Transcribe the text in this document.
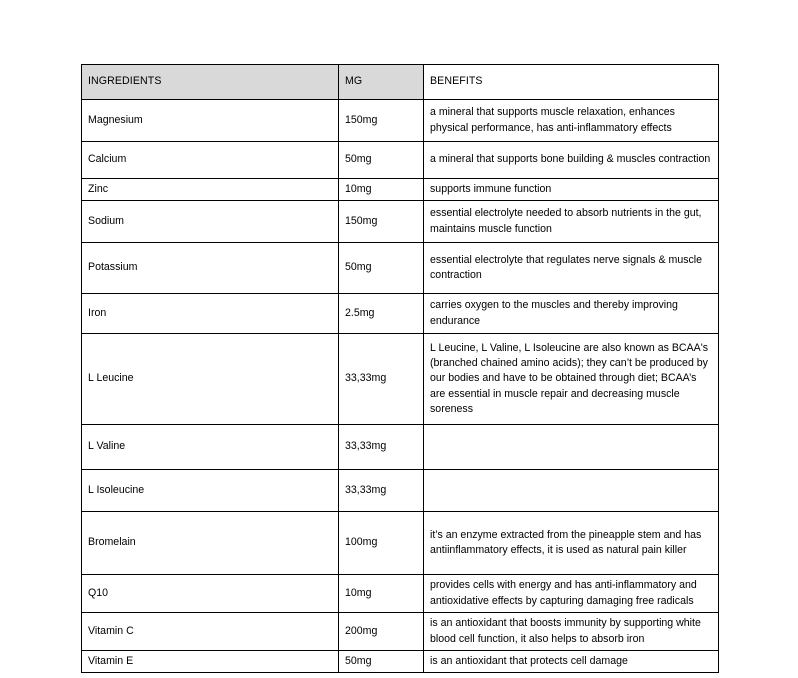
INGREDIENTS	MG	BENEFITS
Magnesium	150mg	a mineral that supports muscle relaxation, enhances physical performance, has anti-inflammatory effects
Calcium	50mg	a mineral that supports bone building & muscles contraction
Zinc	10mg	supports immune function
Sodium	150mg	essential electrolyte needed to absorb nutrients in the gut, maintains muscle function
Potassium	50mg	essential electrolyte that regulates nerve signals & muscle contraction
Iron	2.5mg	carries oxygen to the muscles and thereby improving endurance
L Leucine	33,33mg	L Leucine, L Valine, L Isoleucine are also known as BCAA's (branched chained amino acids); they can’t be produced by our bodies and have to be obtained through diet; BCAA’s are essential in muscle repair and decreasing muscle soreness
L Valine	33,33mg	
L Isoleucine	33,33mg	
Bromelain	100mg	it’s an enzyme extracted from the pineapple stem and has antiinflammatory effects, it is used as natural pain killer
Q10	10mg	provides cells with energy and has anti-inflammatory and antioxidative effects by capturing damaging free radicals
Vitamin C	200mg	is an antioxidant that boosts immunity by supporting white blood cell function, it also helps to absorb iron
Vitamin E	50mg	is an antioxidant that protects cell damage
